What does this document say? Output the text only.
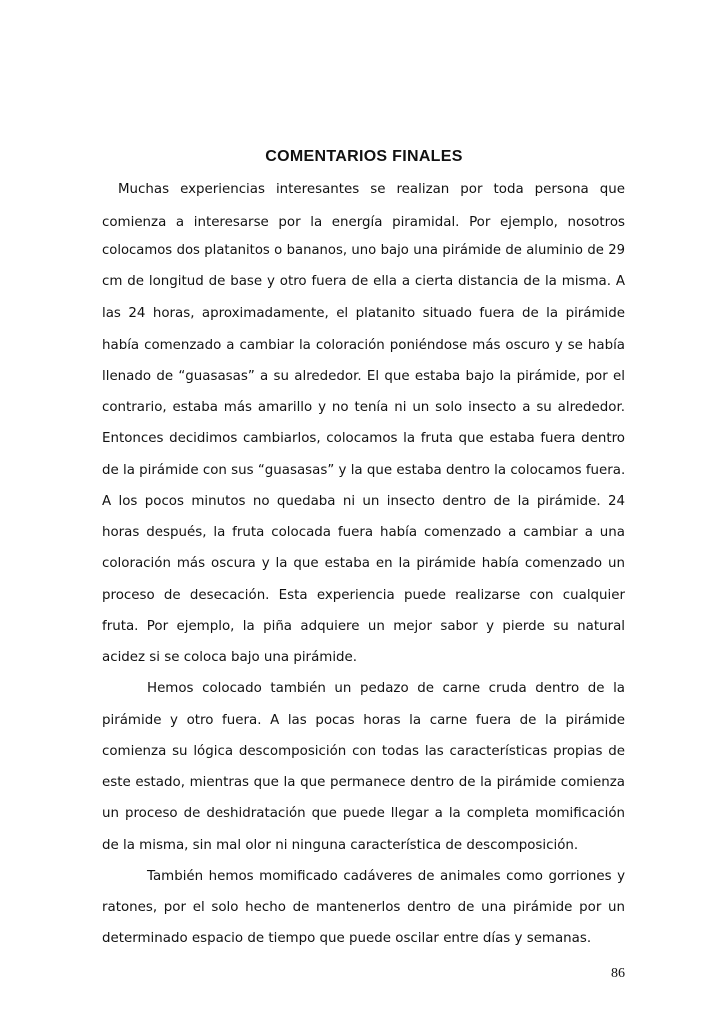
COMENTARIOS FINALES
Muchas experiencias interesantes se realizan por toda persona que
comienza a interesarse por la energía piramidal. Por ejemplo, nosotros
colocamos dos platanitos o bananos, uno bajo una pirámide de aluminio de 29
cm de longitud de base y otro fuera de ella a cierta distancia de la misma. A
las 24 horas, aproximadamente, el platanito situado fuera de la pirámide
había comenzado a cambiar la coloración poniéndose más oscuro y se había
llenado de “guasasas” a su alrededor. El que estaba bajo la pirámide, por el
contrario, estaba más amarillo y no tenía ni un solo insecto a su alrededor.
Entonces decidimos cambiarlos, colocamos la fruta que estaba fuera dentro
de la pirámide con sus “guasasas” y la que estaba dentro la colocamos fuera.
A los pocos minutos no quedaba ni un insecto dentro de la pirámide. 24
horas después, la fruta colocada fuera había comenzado a cambiar a una
coloración más oscura y la que estaba en la pirámide había comenzado un
proceso de desecación. Esta experiencia puede realizarse con cualquier
fruta. Por ejemplo, la piña adquiere un mejor sabor y pierde su natural
acidez si se coloca bajo una pirámide.
Hemos colocado también un pedazo de carne cruda dentro de la
pirámide y otro fuera. A las pocas horas la carne fuera de la pirámide
comienza su lógica descomposición con todas las características propias de
este estado, mientras que la que permanece dentro de la pirámide comienza
un proceso de deshidratación que puede llegar a la completa momificación
de la misma, sin mal olor ni ninguna característica de descomposición.
También hemos momificado cadáveres de animales como gorriones y
ratones, por el solo hecho de mantenerlos dentro de una pirámide por un
determinado espacio de tiempo que puede oscilar entre días y semanas.
86
